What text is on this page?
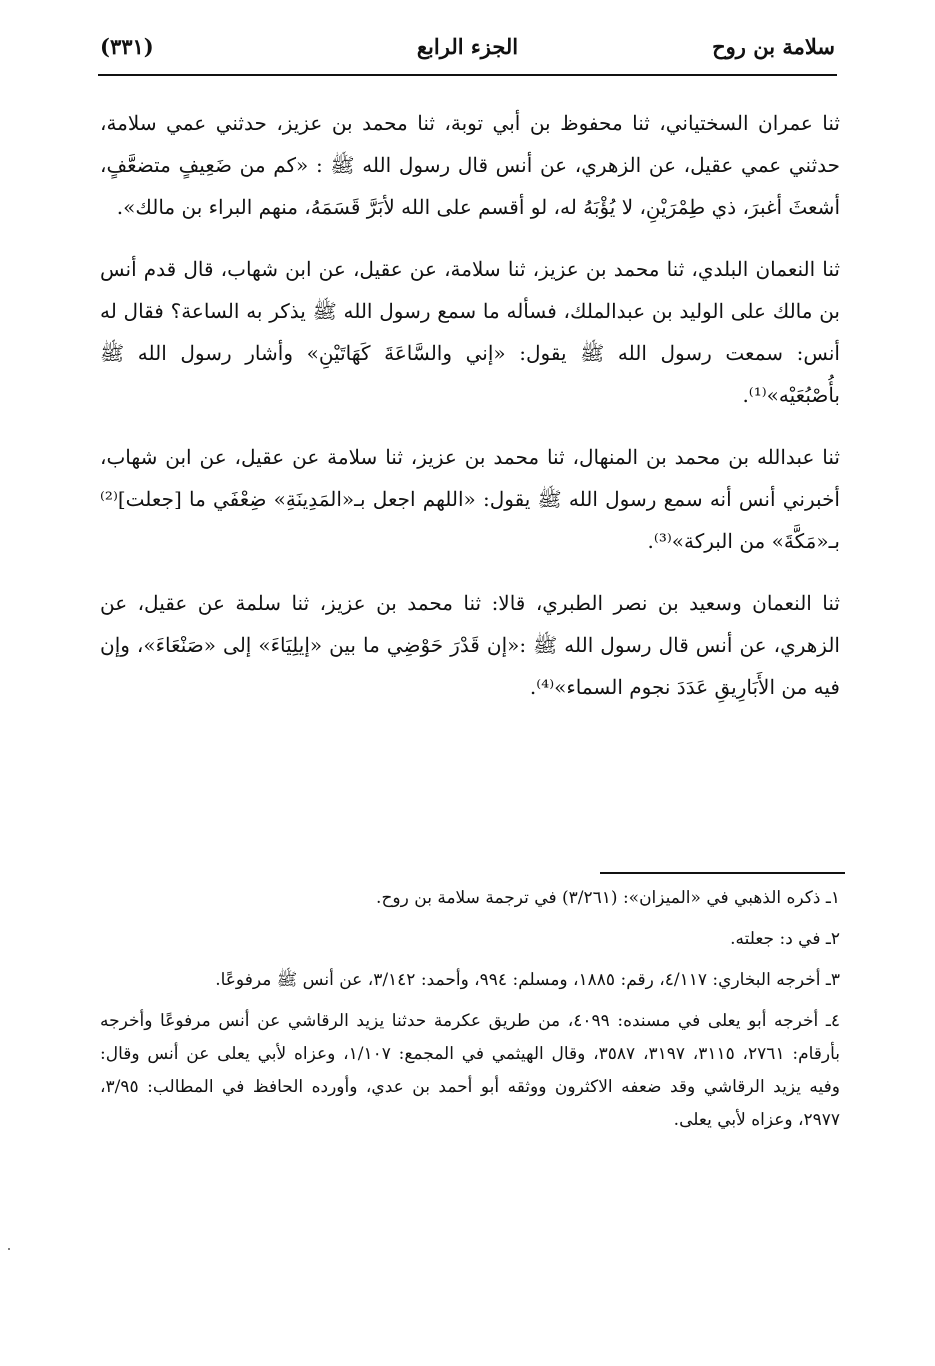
سلامة بن روح
الجزء الرابع
(٣٣١)

ثنا عمران السختياني، ثنا محفوظ بن أبي توبة، ثنا محمد بن عزيز، حدثني عمي سلامة، حدثني عمي عقيل، عن الزهري، عن أنس قال رسول الله ﷺ : «كم من ضَعِيفٍ متضعَّفٍ، أشعثَ أغبرَ، ذي طِمْرَيْنِ، لا يُؤْبَهُ له، لو أقسم على الله لأبَرَّ قَسَمَهُ، منهم البراء بن مالك».

ثنا النعمان البلدي، ثنا محمد بن عزيز، ثنا سلامة، عن عقيل، عن ابن شهاب، قال قدم أنس بن مالك على الوليد بن عبدالملك، فسأله ما سمع رسول الله ﷺ يذكر به الساعة؟ فقال له أنس: سمعت رسول الله ﷺ يقول: «إني والسَّاعَةَ كَهَاتَيْنِ» وأشار رسول الله ﷺ بأُصْبُعَيْه»⁽¹⁾.

ثنا عبدالله بن محمد بن المنهال، ثنا محمد بن عزيز، ثنا سلامة عن عقيل، عن ابن شهاب، أخبرني أنس أنه سمع رسول الله ﷺ يقول: «اللهم اجعل بـ«المَدِينَةِ» ضِعْفَي ما [جعلت]⁽²⁾ بـ«مَكَّةَ» من البركة»⁽³⁾.

ثنا النعمان وسعيد بن نصر الطبري، قالا: ثنا محمد بن عزيز، ثنا سلمة عن عقيل، عن الزهري، عن أنس قال رسول الله ﷺ :«إن قَدْرَ حَوْضِي ما بين «إيلِيَاءَ» إلى «صَنْعَاءَ»، وإن فيه من الأَبَارِيقِ عَدَدَ نجوم السماء»⁽⁴⁾.

١ـ ذكره الذهبي في «الميزان»: (٣/٢٦١) في ترجمة سلامة بن روح.
٢ـ في د: جعلته.
٣ـ أخرجه البخاري: ٤/١١٧، رقم: ١٨٨٥، ومسلم: ٩٩٤، وأحمد: ٣/١٤٢، عن أنس ﷺ مرفوعًا.
٤ـ أخرجه أبو يعلى في مسنده: ٤٠٩٩، من طريق عكرمة حدثنا يزيد الرقاشي عن أنس مرفوعًا وأخرجه بأرقام: ٢٧٦١، ٣١١٥، ٣١٩٧، ٣٥٨٧، وقال الهيثمي في المجمع: ١/١٠٧، وعزاه لأبي يعلى عن أنس وقال: وفيه يزيد الرقاشي وقد ضعفه الاكثرون ووثقه أبو أحمد بن عدي، وأورده الحافظ في المطالب: ٣/٩٥، ٢٩٧٧، وعزاه لأبي يعلى.
